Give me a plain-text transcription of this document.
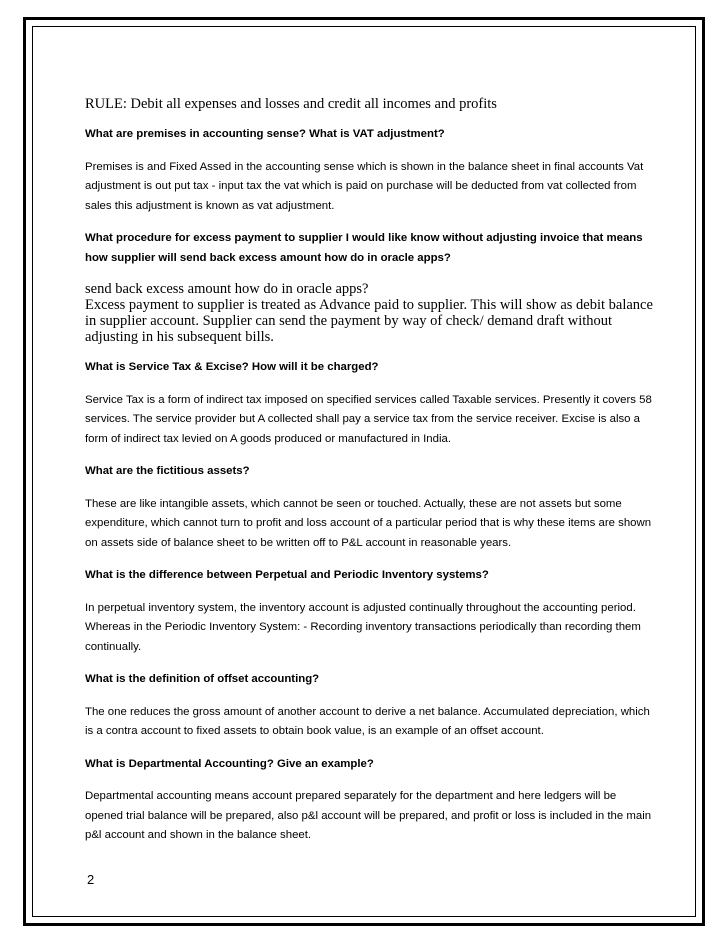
RULE: Debit all expenses and losses and credit all incomes and profits

What are premises in accounting sense? What is VAT adjustment?

Premises is and Fixed Assed in the accounting sense which is shown in the balance sheet in final accounts Vat adjustment is out put tax - input tax the vat which is paid on purchase will be deducted from vat collected from sales this adjustment is known as vat adjustment.

What procedure for excess payment to supplier I would like know without adjusting invoice that means how supplier will send back excess amount how do in oracle apps?

send back excess amount how do in oracle apps?

Excess payment to supplier is treated as Advance paid to supplier. This will show as debit balance in supplier account. Supplier can send the payment by way of check/ demand draft without adjusting in his subsequent bills.

What is Service Tax & Excise? How will it be charged?

Service Tax is a form of indirect tax imposed on specified services called Taxable services. Presently it covers 58 services. The service provider but A collected shall pay a service tax from the service receiver. Excise is also a form of indirect tax levied on A goods produced or manufactured in India.

What are the fictitious assets?

These are like intangible assets, which cannot be seen or touched. Actually, these are not assets but some expenditure, which cannot turn to profit and loss account of a particular period that is why these items are shown on assets side of balance sheet to be written off to P&L account in reasonable years.

What is the difference between Perpetual and Periodic Inventory systems?

In perpetual inventory system, the inventory account is adjusted continually throughout the accounting period.

Whereas in the Periodic Inventory System: - Recording inventory transactions periodically than recording them continually.

What is the definition of offset accounting?

The one reduces the gross amount of another account to derive a net balance. Accumulated depreciation, which is a contra account to fixed assets to obtain book value, is an example of an offset account.

What is Departmental Accounting? Give an example?

Departmental accounting means account prepared separately for the department and here ledgers will be opened trial balance will be prepared, also p&l account will be prepared, and profit or loss is included in the main p&l account and shown in the balance sheet.

2
